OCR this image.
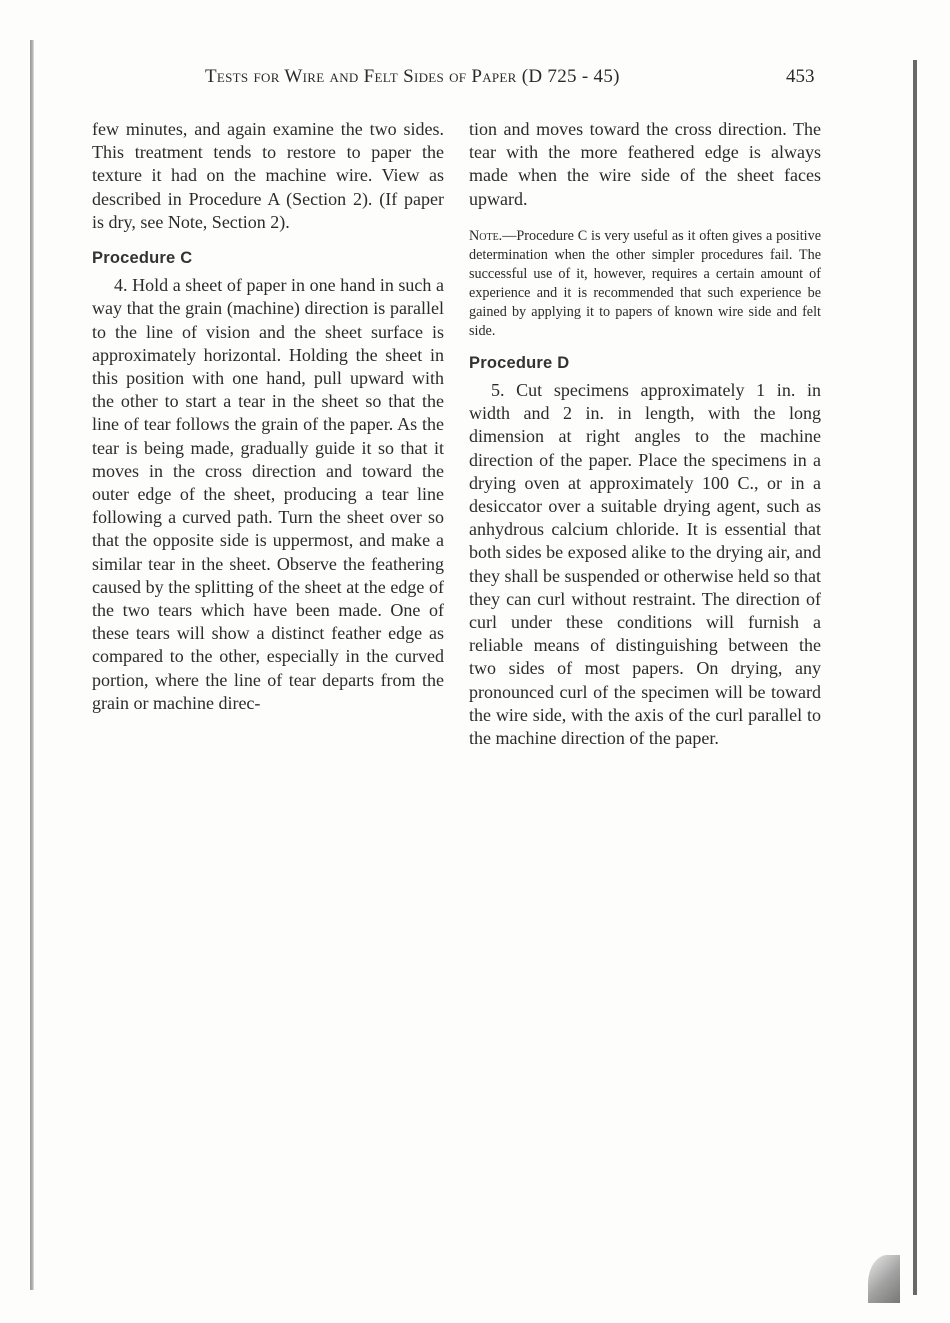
Tests for Wire and Felt Sides of Paper (D 725 - 45)	453

few minutes, and again examine the two sides. This treatment tends to restore to paper the texture it had on the machine wire. View as described in Procedure A (Section 2). (If paper is dry, see Note, Section 2).

Procedure C

4. Hold a sheet of paper in one hand in such a way that the grain (machine) direction is parallel to the line of vision and the sheet surface is approximately horizontal. Holding the sheet in this position with one hand, pull upward with the other to start a tear in the sheet so that the line of tear follows the grain of the paper. As the tear is being made, gradually guide it so that it moves in the cross direction and toward the outer edge of the sheet, producing a tear line following a curved path. Turn the sheet over so that the opposite side is uppermost, and make a similar tear in the sheet. Observe the feathering caused by the splitting of the sheet at the edge of the two tears which have been made. One of these tears will show a distinct feather edge as compared to the other, especially in the curved portion, where the line of tear departs from the grain or machine direc-

tion and moves toward the cross direction. The tear with the more feathered edge is always made when the wire side of the sheet faces upward.

Note.—Procedure C is very useful as it often gives a positive determination when the other simpler procedures fail. The successful use of it, however, requires a certain amount of experience and it is recommended that such experience be gained by applying it to papers of known wire side and felt side.

Procedure D

5. Cut specimens approximately 1 in. in width and 2 in. in length, with the long dimension at right angles to the machine direction of the paper. Place the specimens in a drying oven at approximately 100 C., or in a desiccator over a suitable drying agent, such as anhydrous calcium chloride. It is essential that both sides be exposed alike to the drying air, and they shall be suspended or otherwise held so that they can curl without restraint. The direction of curl under these conditions will furnish a reliable means of distinguishing between the two sides of most papers. On drying, any pronounced curl of the specimen will be toward the wire side, with the axis of the curl parallel to the machine direction of the paper.
